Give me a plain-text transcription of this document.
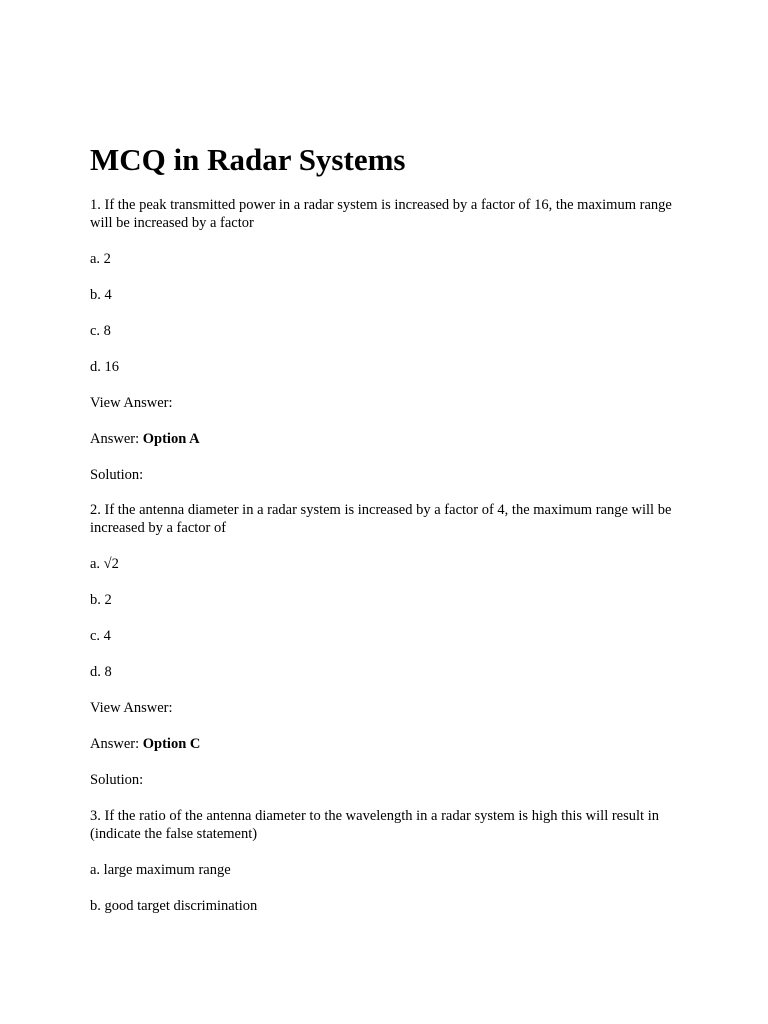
MCQ in Radar Systems

1. If the peak transmitted power in a radar system is increased by a factor of 16, the maximum range will be increased by a factor

a. 2

b. 4

c. 8

d. 16

View Answer:

Answer: Option A

Solution:

2. If the antenna diameter in a radar system is increased by a factor of 4, the maximum range will be increased by a factor of

a. √2

b. 2

c. 4

d. 8

View Answer:

Answer: Option C

Solution:

3. If the ratio of the antenna diameter to the wavelength in a radar system is high this will result in (indicate the false statement)

a. large maximum range

b. good target discrimination
